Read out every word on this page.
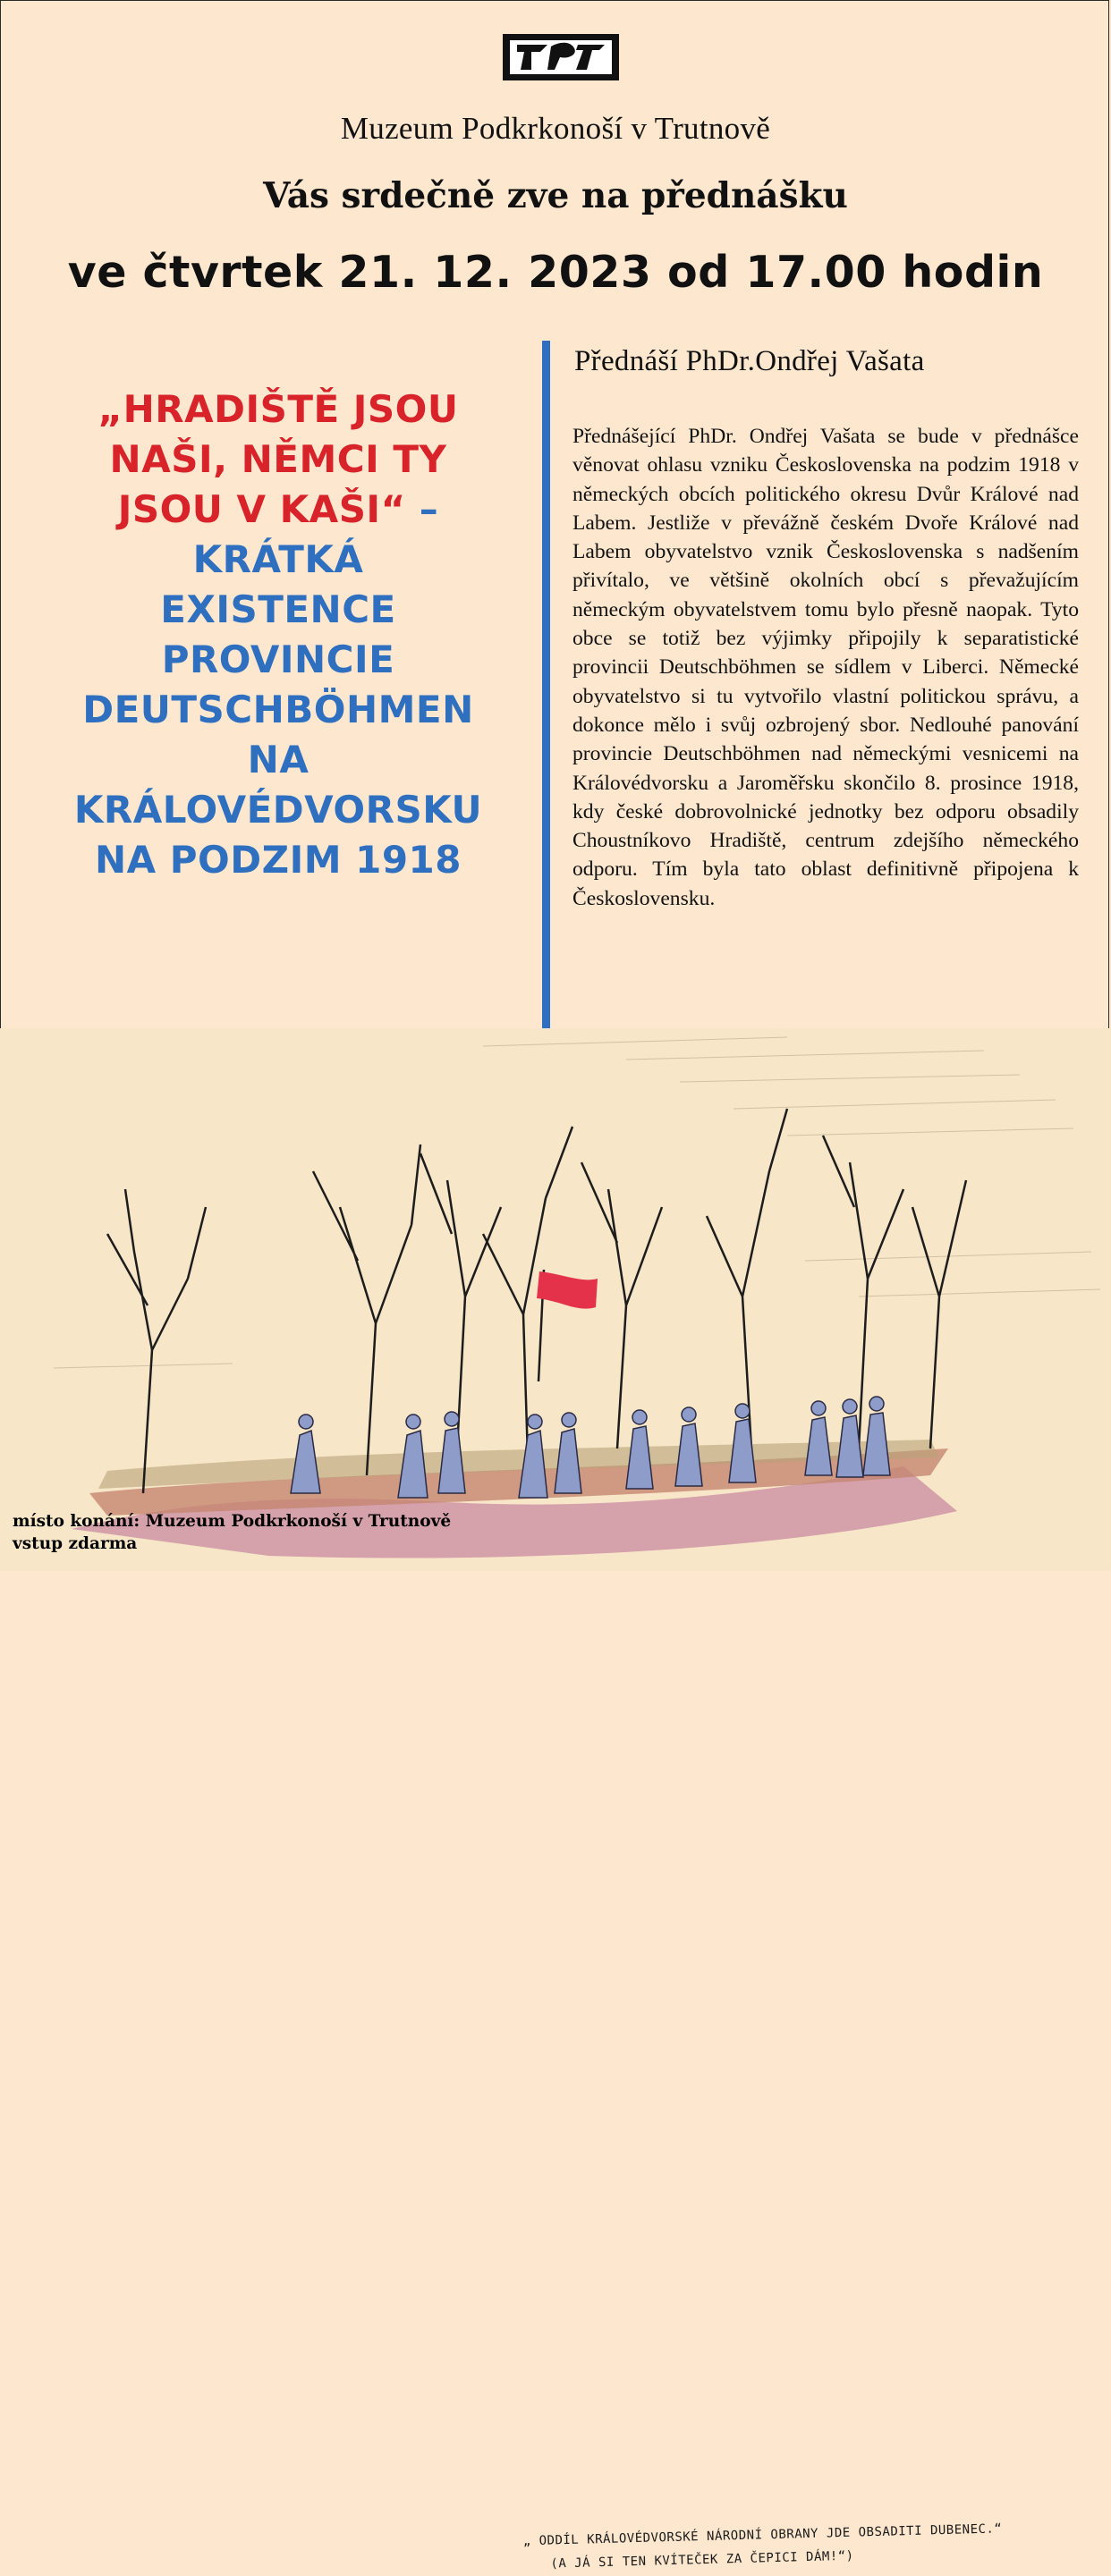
Muzeum Podkrkonoší v Trutnově
Vás srdečně zve na přednášku
ve čtvrtek 21. 12. 2023 od 17.00 hodin
„HRADIŠTĚ JSOU
NAŠI, NĚMCI TY
JSOU V KAŠI“ –
KRÁTKÁ
EXISTENCE
PROVINCIE
DEUTSCHBÖHMEN
NA
KRÁLOVÉDVORSKU
NA PODZIM 1918
Přednáší PhDr.Ondřej Vašata

Přednášející PhDr. Ondřej Vašata se bude v přednášce věnovat ohlasu vzniku Československa na podzim 1918 v německých obcích politického okresu Dvůr Králové nad Labem. Jestliže v převážně českém Dvoře Králové nad Labem obyvatelstvo vznik Československa s nadšením přivítalo, ve většině okolních obcí s převažujícím německým obyvatelstvem tomu bylo přesně naopak. Tyto obce se totiž bez výjimky připojily k separatistické provincii Deutschböhmen se sídlem v Liberci. Německé obyvatelstvo si tu vytvořilo vlastní politickou správu, a dokonce mělo i svůj ozbrojený sbor. Nedlouhé panování provincie Deutschböhmen nad německými vesnicemi na Královédvorsku a Jaroměřsku skončilo 8. prosince 1918, kdy české dobrovolnické jednotky bez odporu obsadily Choustníkovo Hradiště, centrum zdejšího německého odporu. Tím byla tato oblast definitivně připojena k Československu.

„ ODDÍL KRÁLOVÉDVORSKÉ NÁRODNÍ OBRANY JDE OBSADITI DUBENEC.“
(A JÁ SI TEN KVÍTEČEK ZA ČEPICI DÁM!“)
místo konání: Muzeum Podkrkonoší v Trutnově
vstup zdarma
